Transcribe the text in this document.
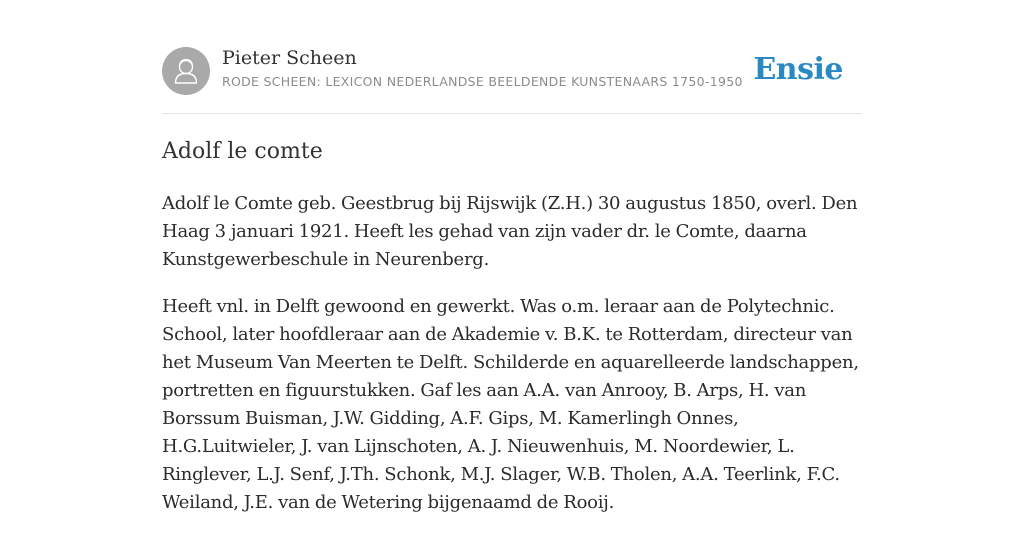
Pieter Scheen
RODE SCHEEN: LEXICON NEDERLANDSE BEELDENDE KUNSTENAARS 1750-1950 Ensie
Adolf le comte

Adolf le Comte geb. Geestbrug bij Rijswijk (Z.H.) 30 augustus 1850, overl. Den Haag 3 januari 1921. Heeft les gehad van zijn vader dr. le Comte, daarna Kunstgewerbeschule in Neurenberg.

Heeft vnl. in Delft gewoond en gewerkt. Was o.m. leraar aan de Polytechnic. School, later hoofdleraar aan de Akademie v. B.K. te Rotterdam, directeur van het Museum Van Meerten te Delft. Schilderde en aquarelleerde landschappen, portretten en figuurstukken. Gaf les aan A.A. van Anrooy, B. Arps, H. van Borssum Buisman, J.W. Gidding, A.F. Gips, M. Kamerlingh Onnes, H.G.Luitwieler, J. van Lijnschoten, A. J. Nieuwenhuis, M. Noordewier, L. Ringlever, L.J. Senf, J.Th. Schonk, M.J. Slager, W.B. Tholen, A.A. Teerlink, F.C. Weiland, J.E. van de Wetering bijgenaamd de Rooij.
